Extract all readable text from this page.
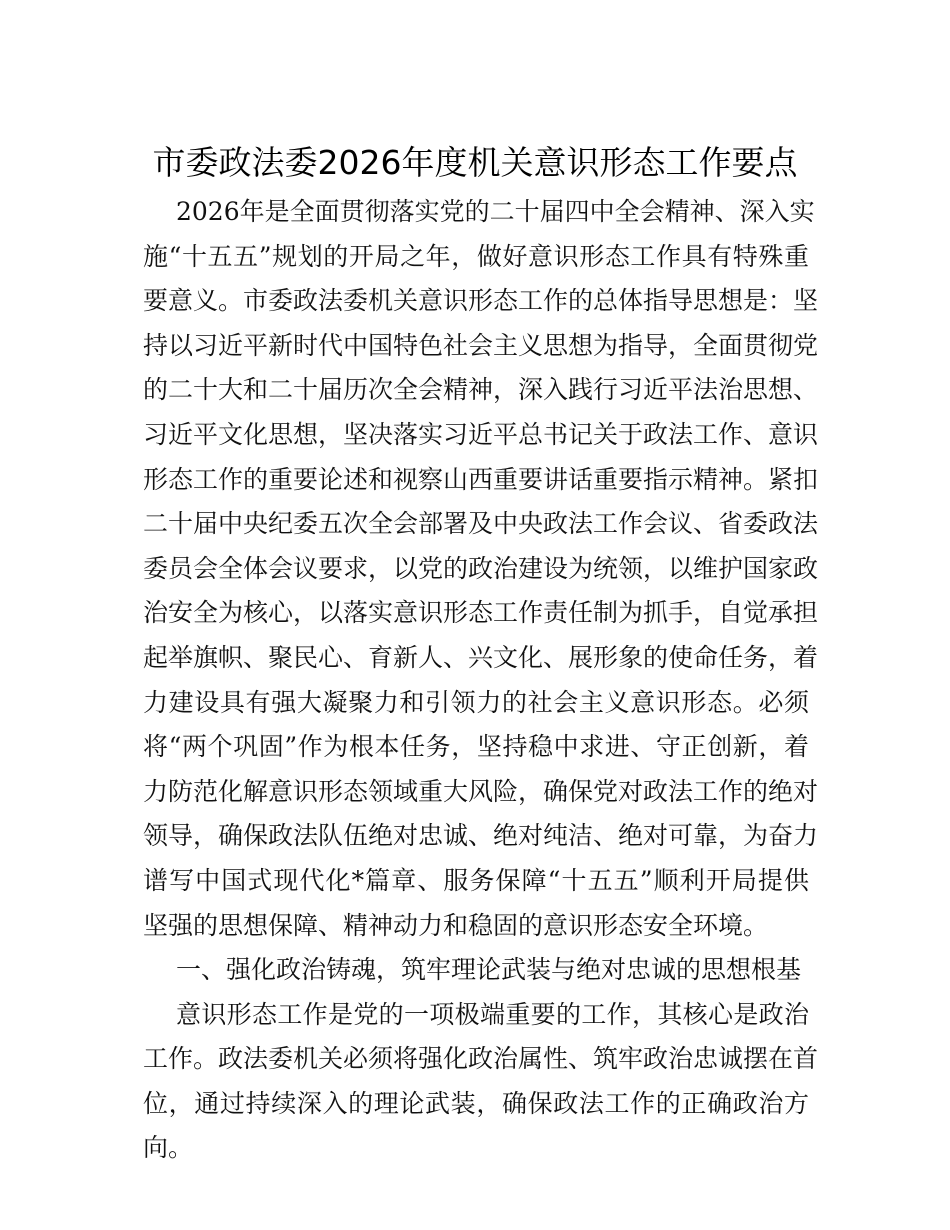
市委政法委2026年度机关意识形态工作要点
2026年是全面贯彻落实党的二十届四中全会精神、深入实
施“十五五”规划的开局之年，做好意识形态工作具有特殊重
要意义。市委政法委机关意识形态工作的总体指导思想是：坚
持以习近平新时代中国特色社会主义思想为指导，全面贯彻党
的二十大和二十届历次全会精神，深入践行习近平法治思想、
习近平文化思想，坚决落实习近平总书记关于政法工作、意识
形态工作的重要论述和视察山西重要讲话重要指示精神。紧扣
二十届中央纪委五次全会部署及中央政法工作会议、省委政法
委员会全体会议要求，以党的政治建设为统领，以维护国家政
治安全为核心，以落实意识形态工作责任制为抓手，自觉承担
起举旗帜、聚民心、育新人、兴文化、展形象的使命任务，着
力建设具有强大凝聚力和引领力的社会主义意识形态。必须
将“两个巩固”作为根本任务，坚持稳中求进、守正创新，着
力防范化解意识形态领域重大风险，确保党对政法工作的绝对
领导，确保政法队伍绝对忠诚、绝对纯洁、绝对可靠，为奋力
谱写中国式现代化*篇章、服务保障“十五五”顺利开局提供
坚强的思想保障、精神动力和稳固的意识形态安全环境。
一、强化政治铸魂，筑牢理论武装与绝对忠诚的思想根基
意识形态工作是党的一项极端重要的工作，其核心是政治
工作。政法委机关必须将强化政治属性、筑牢政治忠诚摆在首
位，通过持续深入的理论武装，确保政法工作的正确政治方
向。
